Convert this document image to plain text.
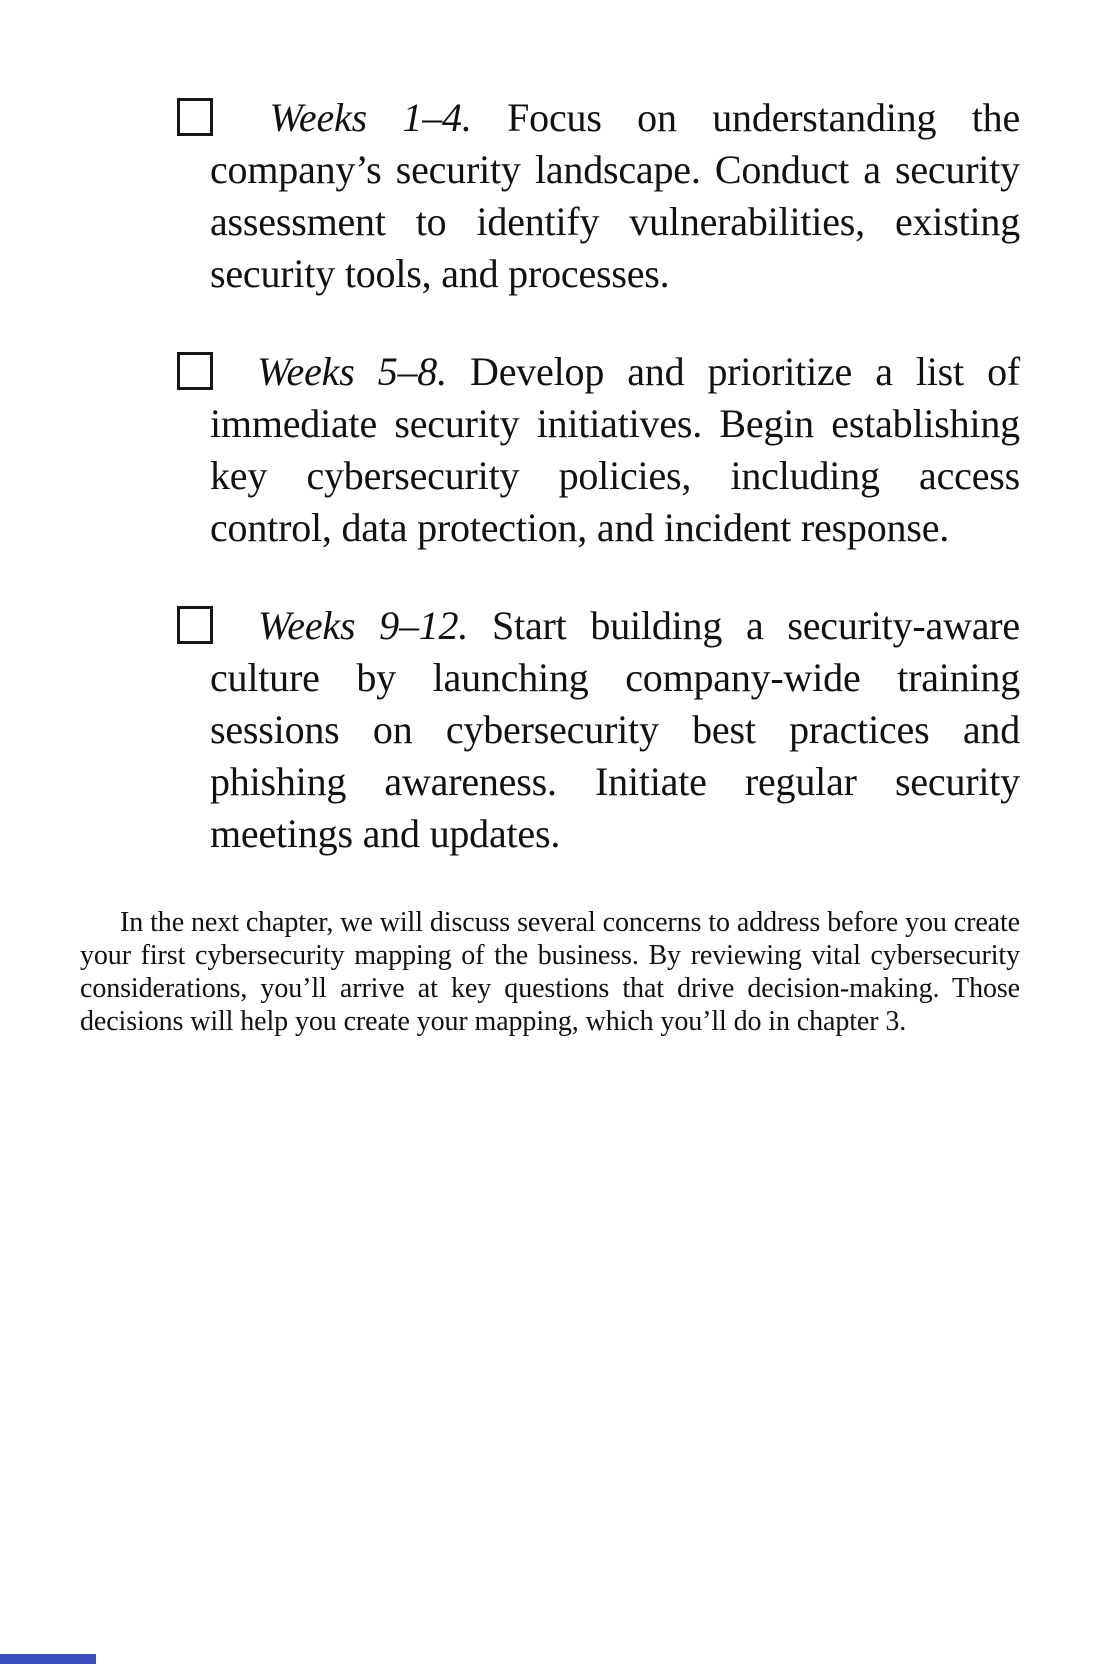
Weeks 1–4. Focus on understanding the company’s security landscape. Conduct a security assessment to identify vulnerabilities, existing security tools, and processes.
Weeks 5–8. Develop and prioritize a list of immediate security initiatives. Begin establishing key cybersecurity policies, including access control, data protection, and incident response.
Weeks 9–12. Start building a security-aware culture by launching company-wide training sessions on cybersecurity best practices and phishing awareness. Initiate regular security meetings and updates.

In the next chapter, we will discuss several concerns to address before you create your first cybersecurity mapping of the business. By reviewing vital cybersecurity considerations, you’ll arrive at key questions that drive decision-making. Those decisions will help you create your mapping, which you’ll do in chapter 3.
